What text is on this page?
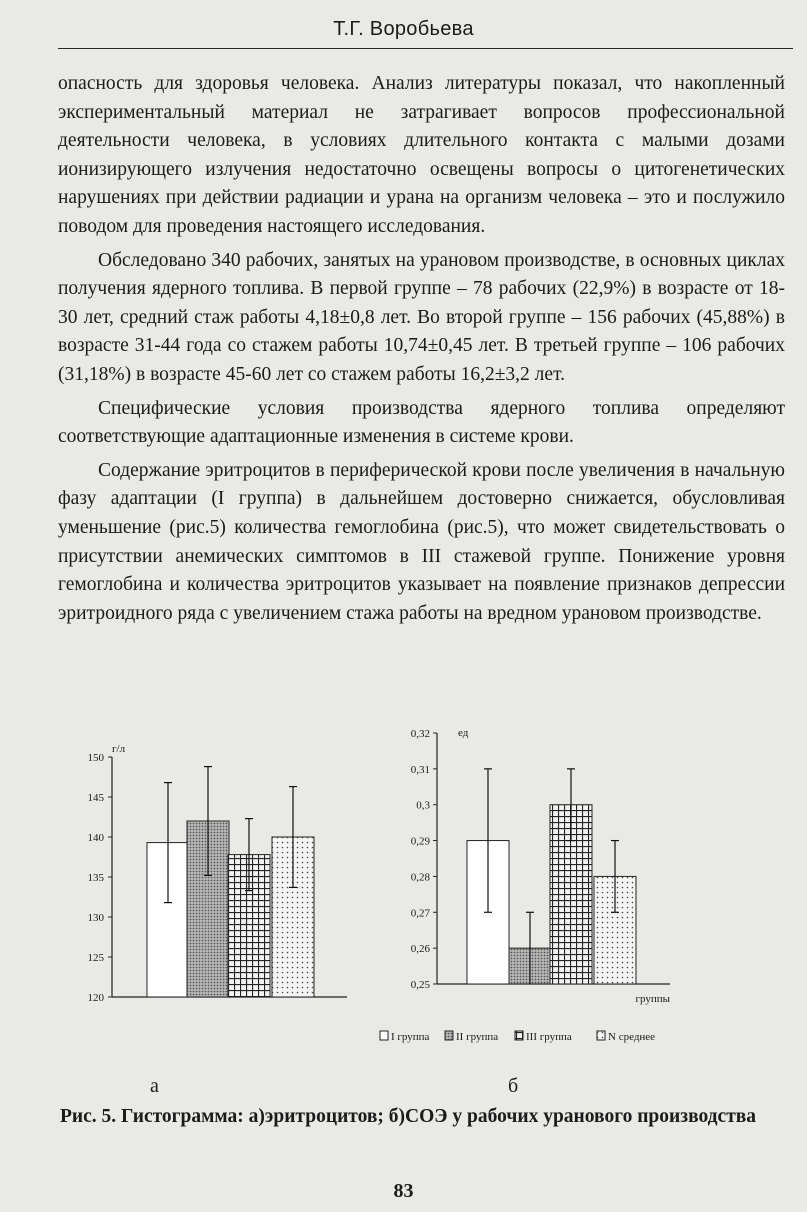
Т.Г. Воробьева

опасность для здоровья человека. Анализ литературы показал, что накопленный экспериментальный материал не затрагивает вопросов профессиональной деятельности человека, в условиях длительного контакта с малыми дозами ионизирующего излучения недостаточно освещены вопросы о цитогенетических нарушениях при действии радиации и урана на организм человека – это и послужило поводом для проведения настоящего исследования.

Обследовано 340 рабочих, занятых на урановом производстве, в основных циклах получения ядерного топлива. В первой группе – 78 рабочих (22,9%) в возрасте от 18-30 лет, средний стаж работы 4,18±0,8 лет. Во второй группе – 156 рабочих (45,88%) в возрасте 31-44 года со стажем работы 10,74±0,45 лет. В третьей группе – 106 рабочих (31,18%) в возрасте 45-60 лет со стажем работы 16,2±3,2 лет.

Специфические условия производства ядерного топлива определяют соответствующие адаптационные изменения в системе крови.

Содержание эритроцитов в периферической крови после увеличения в начальную фазу адаптации (I группа) в дальнейшем достоверно снижается, обусловливая уменьшение (рис.5) количества гемоглобина (рис.5), что может свидетельствовать о присутствии анемических симптомов в III стажевой группе. Понижение уровня гемоглобина и количества эритроцитов указывает на появление признаков депрессии эритроидного ряда с увеличением стажа работы на вредном урановом производстве.

г/л
120
125
130
135
140
145
150
ед
группы
0,25
0,26
0,27
0,28
0,29
0,3
0,31
0,32
I группа II группа	III группа	N среднее
а	б
Рис. 5. Гистограмма: а)эритроцитов; б)СОЭ у рабочих уранового производства
83
